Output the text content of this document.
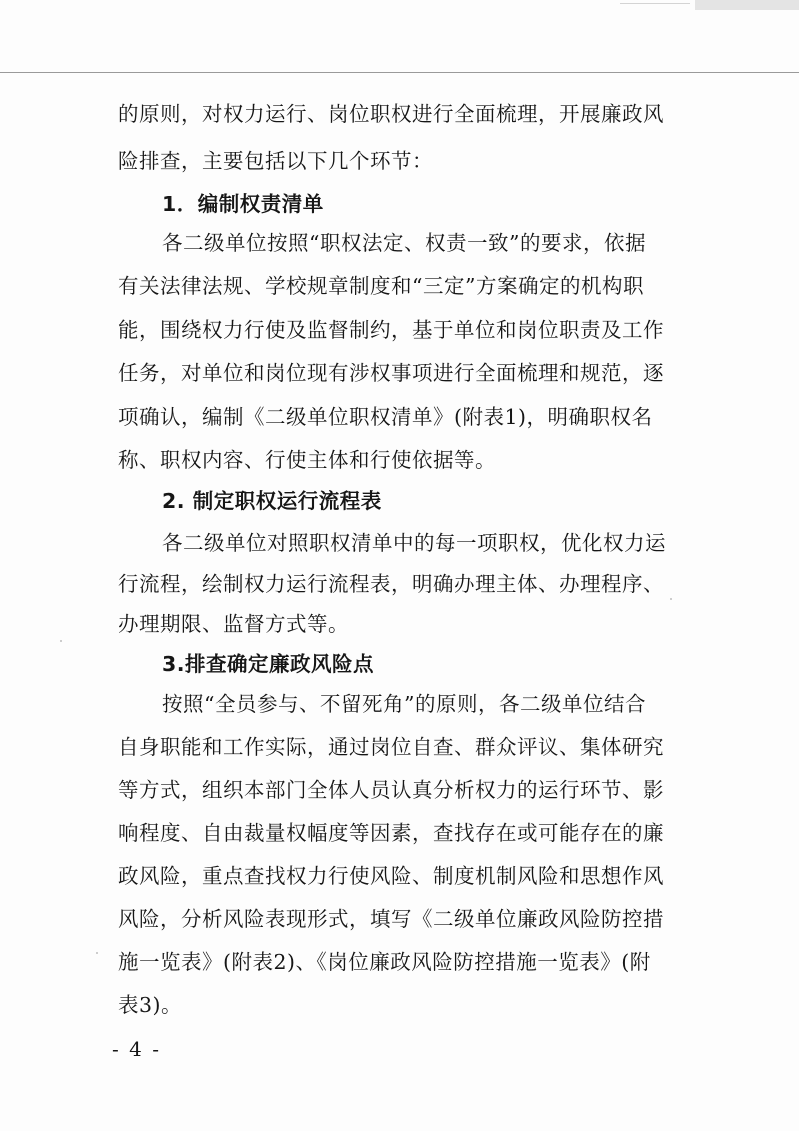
的原则，对权力运行、岗位职权进行全面梳理，开展廉政风
险排查，主要包括以下几个环节：
1．编制权责清单
各二级单位按照“职权法定、权责一致”的要求，依据
有关法律法规、学校规章制度和“三定”方案确定的机构职
能，围绕权力行使及监督制约，基于单位和岗位职责及工作
任务，对单位和岗位现有涉权事项进行全面梳理和规范，逐
项确认，编制《二级单位职权清单》(附表1)，明确职权名
称、职权内容、行使主体和行使依据等。
2. 制定职权运行流程表
各二级单位对照职权清单中的每一项职权，优化权力运
行流程，绘制权力运行流程表，明确办理主体、办理程序、
办理期限、监督方式等。
3.排查确定廉政风险点
按照“全员参与、不留死角”的原则，各二级单位结合
自身职能和工作实际，通过岗位自查、群众评议、集体研究
等方式，组织本部门全体人员认真分析权力的运行环节、影
响程度、自由裁量权幅度等因素，查找存在或可能存在的廉
政风险，重点查找权力行使风险、制度机制风险和思想作风
风险，分析风险表现形式，填写《二级单位廉政风险防控措
施一览表》(附表2)、《岗位廉政风险防控措施一览表》(附
表3)。
- 4 -
